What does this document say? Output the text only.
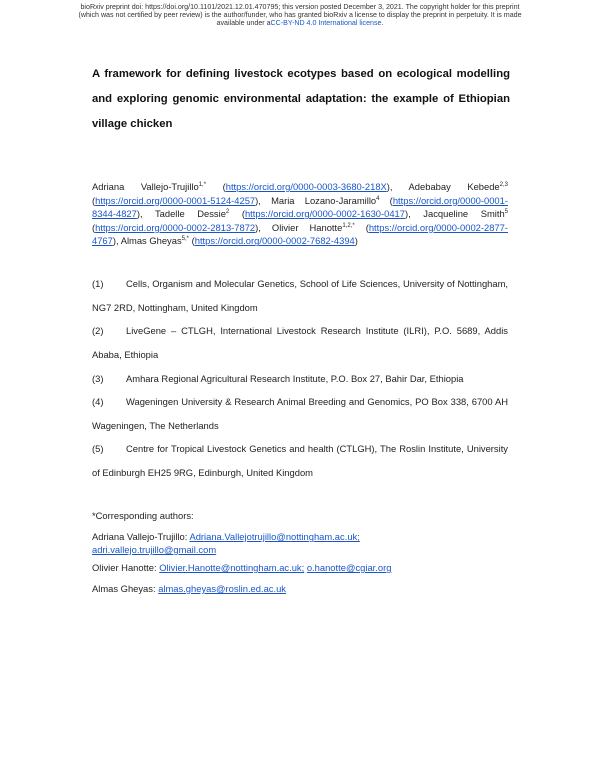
bioRxiv preprint doi: https://doi.org/10.1101/2021.12.01.470795; this version posted December 3, 2021. The copyright holder for this preprint
(which was not certified by peer review) is the author/funder, who has granted bioRxiv a license to display the preprint in perpetuity. It is made
available under aCC-BY-ND 4.0 International license.
A framework for defining livestock ecotypes based on ecological modelling and exploring genomic environmental adaptation: the example of Ethiopian village chicken
Adriana Vallejo-Trujillo$^{1,*}$ (https://orcid.org/0000-0003-3680-218X), Adebabay Kebede$^{2,3}$ (https://orcid.org/0000-0001-5124-4257), Maria Lozano-Jaramillo$^4$ (https://orcid.org/0000-0001-8344-4827), Tadelle Dessie$^2$ (https://orcid.org/0000-0002-1630-0417), Jacqueline Smith$^5$ (https://orcid.org/0000-0002-2813-7872), Olivier Hanotte$^{1,2,*}$ (https://orcid.org/0000-0002-2877-4767), Almas Gheyas$^{5,*}$ (https://orcid.org/0000-0002-7682-4394)
(1) Cells, Organism and Molecular Genetics, School of Life Sciences, University of Nottingham, NG7 2RD, Nottingham, United Kingdom
(2) LiveGene – CTLGH, International Livestock Research Institute (ILRI), P.O. 5689, Addis Ababa, Ethiopia
(3) Amhara Regional Agricultural Research Institute, P.O. Box 27, Bahir Dar, Ethiopia
(4) Wageningen University & Research Animal Breeding and Genomics, PO Box 338, 6700 AH Wageningen, The Netherlands
(5) Centre for Tropical Livestock Genetics and health (CTLGH), The Roslin Institute, University of Edinburgh EH25 9RG, Edinburgh, United Kingdom
*Corresponding authors:
Adriana Vallejo-Trujillo: Adriana.Vallejotrujillo@nottingham.ac.uk;
adri.vallejo.trujillo@gmail.com
Olivier Hanotte: Olivier.Hanotte@nottingham.ac.uk; o.hanotte@cgiar.org
Almas Gheyas: almas.gheyas@roslin.ed.ac.uk
